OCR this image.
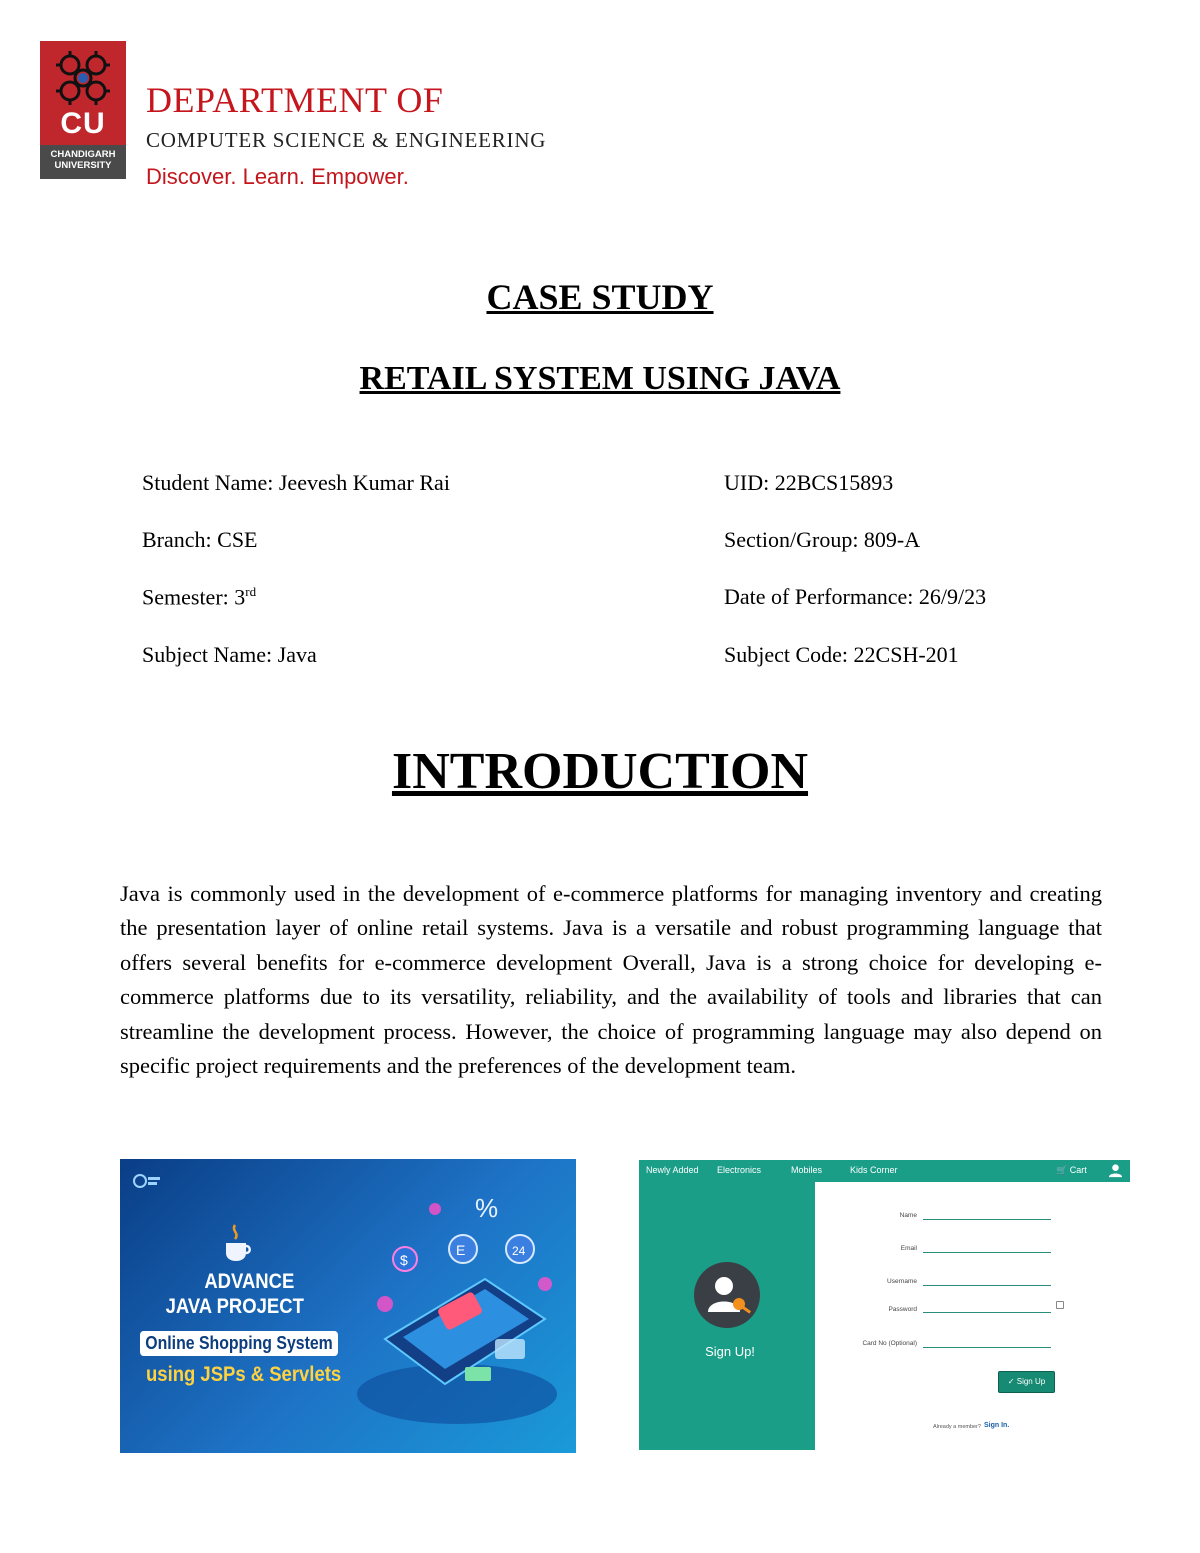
CU
CHANDIGARH UNIVERSITY
DEPARTMENT OF
COMPUTER SCIENCE & ENGINEERING
Discover. Learn. Empower.
CASE STUDY
RETAIL SYSTEM USING JAVA
Student Name: Jeevesh Kumar Rai	UID: 22BCS15893
Branch: CSE	Section/Group: 809-A
Semester: 3rd	Date of Performance: 26/9/23
Subject Name: Java	Subject Code: 22CSH-201
INTRODUCTION
Java is commonly used in the development of e-commerce platforms for managing inventory and creating the presentation layer of online retail systems. Java is a versatile and robust programming language that offers several benefits for e-commerce development Overall, Java is a strong choice for developing e-commerce platforms due to its versatility, reliability, and the availability of tools and libraries that can streamline the development process. However, the choice of programming language may also depend on specific project requirements and the preferences of the development team.
ADVANCE
JAVA PROJECT
Online Shopping System
using JSPs & Servlets
$
E	24
%
Newly Added Electronics	Mobiles	Kids Corner	🛒 Cart
Sign Up!
Name
Email
Username
Password
Card No (Optional)
✓ Sign Up
Already a member? Sign In.
